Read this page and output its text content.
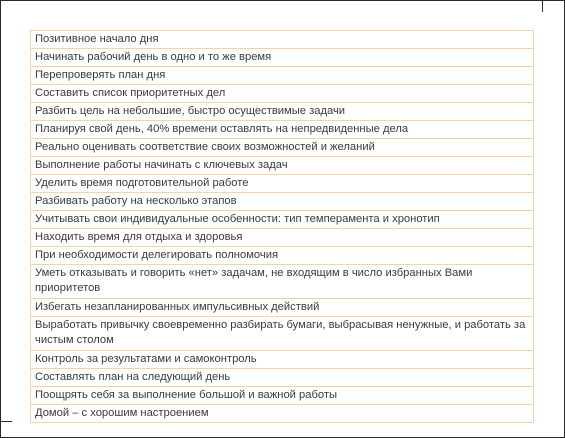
Позитивное начало дня
Начинать рабочий день в одно и то же время
Перепроверять план дня
Составить список приоритетных дел
Разбить цель на небольшие, быстро осуществимые задачи
Планируя свой день, 40% времени оставлять на непредвиденные дела
Реально оценивать соответствие своих возможностей и желаний
Выполнение работы начинать с ключевых задач
Уделить время подготовительной работе
Разбивать работу на несколько этапов
Учитывать свои индивидуальные особенности: тип темперамента и хронотип
Находить время для отдыха и здоровья
При необходимости делегировать полномочия
Уметь отказывать и говорить «нет» задачам, не входящим в число избранных Вами приоритетов
Избегать незапланированных импульсивных действий
Выработать привычку своевременно разбирать бумаги, выбрасывая ненужные, и работать за чистым столом
Контроль за результатами и самоконтроль
Составлять план на следующий день
Поощрять себя за выполнение большой и важной работы
Домой – с хорошим настроением
